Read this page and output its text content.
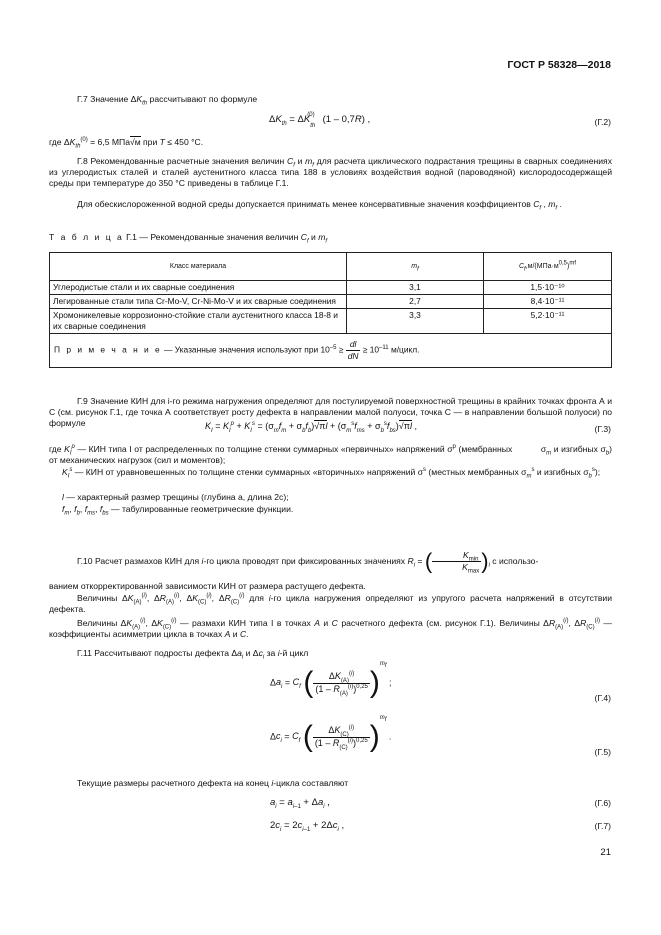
ГОСТ Р 58328—2018
Г.7 Значение $\Delta K_{th}$ рассчитывают по формуле
$\Delta K_{th} = \Delta K_{th}^{(0)}$ (1 – 0,7R) ,	(Г.2)
где $\Delta K_{th}^{(0)} = 6,5$ МПа√м при T ≤ 450 °С.
Г.8 Рекомендованные расчетные значения величин $C_f$ и $m_f$ для расчета циклического подрастания трещины в сварных соединениях из углеродистых сталей и сталей аустенитного класса типа 188 в условиях воздействия водной (пароводяной) кислородосодержащей среды при температуре до 350 °С приведены в таблице Г.1.
Для обескислороженной водной среды допускается принимать менее консервативные значения коэффициентов $C_f$ , $m_f$ .
Т а б л и ц а Г.1 — Рекомендованные значения величин $C_f$ и $m_f$
Класс материала	$m_f$	$C_f,м/(МПа\cdot м^{0,5})^{mf}$
Углеродистые стали и их сварные соединения	3,1	1,5·10⁻¹⁰
Легированные стали типа Cr-Mo-V, Cr-Ni-Mo-V и их сварные соединения	2,7	8,4·10⁻¹¹
Хромоникелевые коррозионно-стойкие стали аустенитного класса 18-8 и их сварные соединения	3,3	5,2·10⁻¹¹
П р и м е ч а н и е — Указанные значения используют при $10^{-5} \ge \frac{dl}{dN} \ge 10^{-11}$ м/цикл.		
Г.9 Значение КИН для i-го режима нагружения определяют для постулируемой поверхностной трещины в крайних точках фронта А и С (см. рисунок Г.1, где точка А соответствует росту дефекта в направлении малой полуоси, точка С — в направлении большой полуоси) по формуле	$K_I = K_I^p + K_I^s = (\sigma_mf_m + \sigma_bf_b)√\pi l + (\sigma_m^sf_{ms} + \sigma_b^sf_{bs})√\pi l$ ,	(Г.3)
где $K_I^p$ — КИН типа I от распределенных по толщине стенки суммарных «первичных» напряжений $\sigma^p$ (мембранных	$\sigma_m$ и изгибных $\sigma_b$) от механических нагрузок (сил и моментов);
$K_I^s$ — КИН от уравновешенных по толщине стенки суммарных «вторичных» напряжений $\sigma^s$ (местных мембранных $\sigma_m^s$ и изгибных $\sigma_b^s$);
l — характерный размер трещины (глубина а, длина 2с);
$f_m$, $f_b$, $f_{ms}$, $f_{bs}$ — табулированные геометрические функции.
Г.10 Расчет размахов КИН для i-го цикла проводят при фиксированных значениях $R_i$ = ( $\frac{K_{min}}{K_{max}} )_i$ с использо-
ванием откорректированной зависимости КИН от размера растущего дефекта.
Величины $\Delta K_{(A)}^{(i)}$, $\Delta R_{(A)}^{(i)}$, $\Delta K_{(C)}^{(i)}$, $\Delta R_{(C)}^{(i)}$ для i-го цикла нагружения определяют из упругого расчета напряжений в отсутствии дефекта.
Величины $\Delta K_{(A)}^{(i)}$, $\Delta K_{(C)}^{(i)}$ — размахи КИН типа I в точках А и С расчетного дефекта (см. рисунок Г.1). Величины $\Delta R_{(A)}^{(i)}$, $\Delta R_{(C)}^{(i)}$ — коэффициенты асимметрии цикла в точках А и С.
Г.11 Рассчитывают подросты дефекта $\Delta a_i$ и $\Delta c_i$ за i-й цикл
$\Delta a_i = C_f$ ( $\frac{\Delta K_{(A)}^{(i)}}{(1 - R_{(A)}^{(i)})^{0,25}} )^{m_f}$ ;
(Г.4)
$\Delta c_i = C_f$ ( $\frac{\Delta K_{(C)}^{(i)}}{(1 - R_{(C)}^{(i)})^{0,25}} )^{m_f}$ .
(Г.5)
Текущие размеры расчетного дефекта на конец i-цикла составляют
$a_i = a_{i-1} + \Delta a_i$ ,	(Г.6)
$2c_i = 2c_{i-1} + 2\Delta c_i$ ,	(Г.7)
21
